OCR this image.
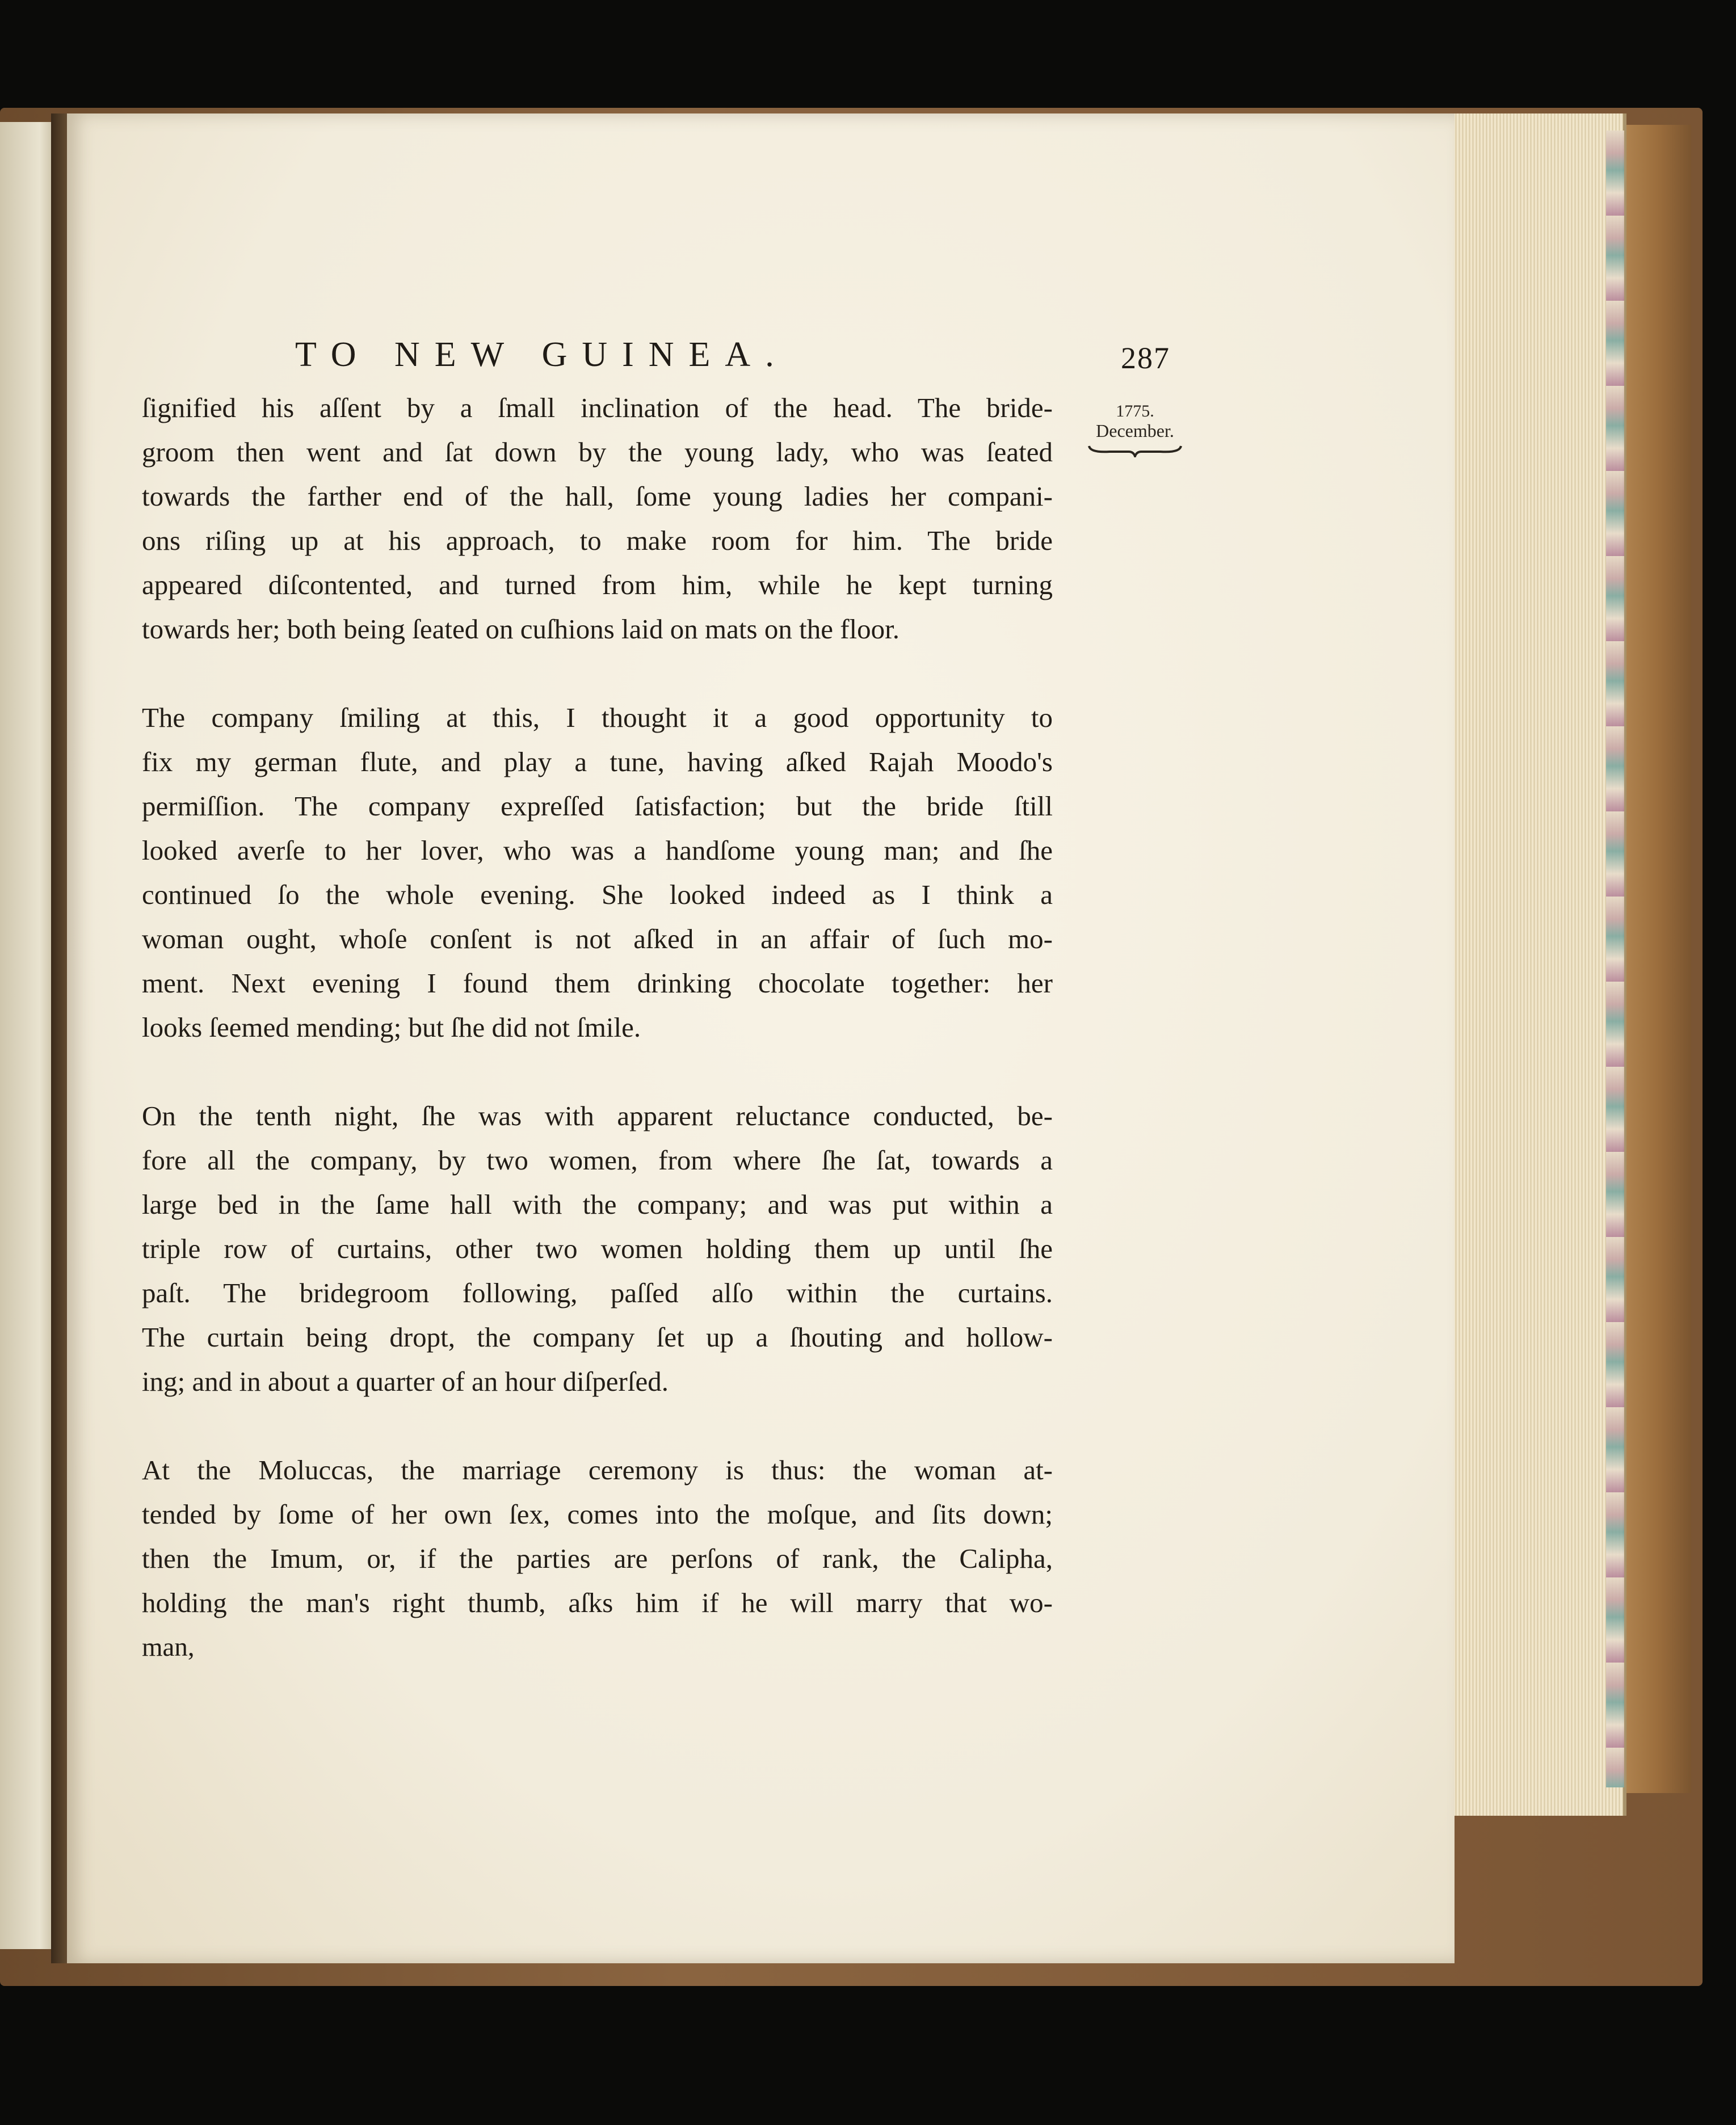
TO NEW GUINEA.	287
1775.
December.

ſignified his aſſent by a ſmall inclination of the head. The bride-
groom then went and ſat down by the young lady, who was ſeated
towards the farther end of the hall, ſome young ladies her compani-
ons riſing up at his approach, to make room for him. The bride
appeared diſcontented, and turned from him, while he kept turning
towards her; both being ſeated on cuſhions laid on mats on the floor.

The company ſmiling at this, I thought it a good opportunity to
fix my german flute, and play a tune, having aſked Rajah Moodo's
permiſſion. The company expreſſed ſatisfaction; but the bride ſtill
looked averſe to her lover, who was a handſome young man; and ſhe
continued ſo the whole evening. She looked indeed as I think a
woman ought, whoſe conſent is not aſked in an affair of ſuch mo-
ment. Next evening I found them drinking chocolate together: her
looks ſeemed mending; but ſhe did not ſmile.

On the tenth night, ſhe was with apparent reluctance conducted, be-
fore all the company, by two women, from where ſhe ſat, towards a
large bed in the ſame hall with the company; and was put within a
triple row of curtains, other two women holding them up until ſhe
paſt. The bridegroom following, paſſed alſo within the curtains.
The curtain being dropt, the company ſet up a ſhouting and hollow-
ing; and in about a quarter of an hour diſperſed.

At the Moluccas, the marriage ceremony is thus: the woman at-
tended by ſome of her own ſex, comes into the moſque, and ſits down;
then the Imum, or, if the parties are perſons of rank, the Calipha,
holding the man's right thumb, aſks him if he will marry that wo-
man,
